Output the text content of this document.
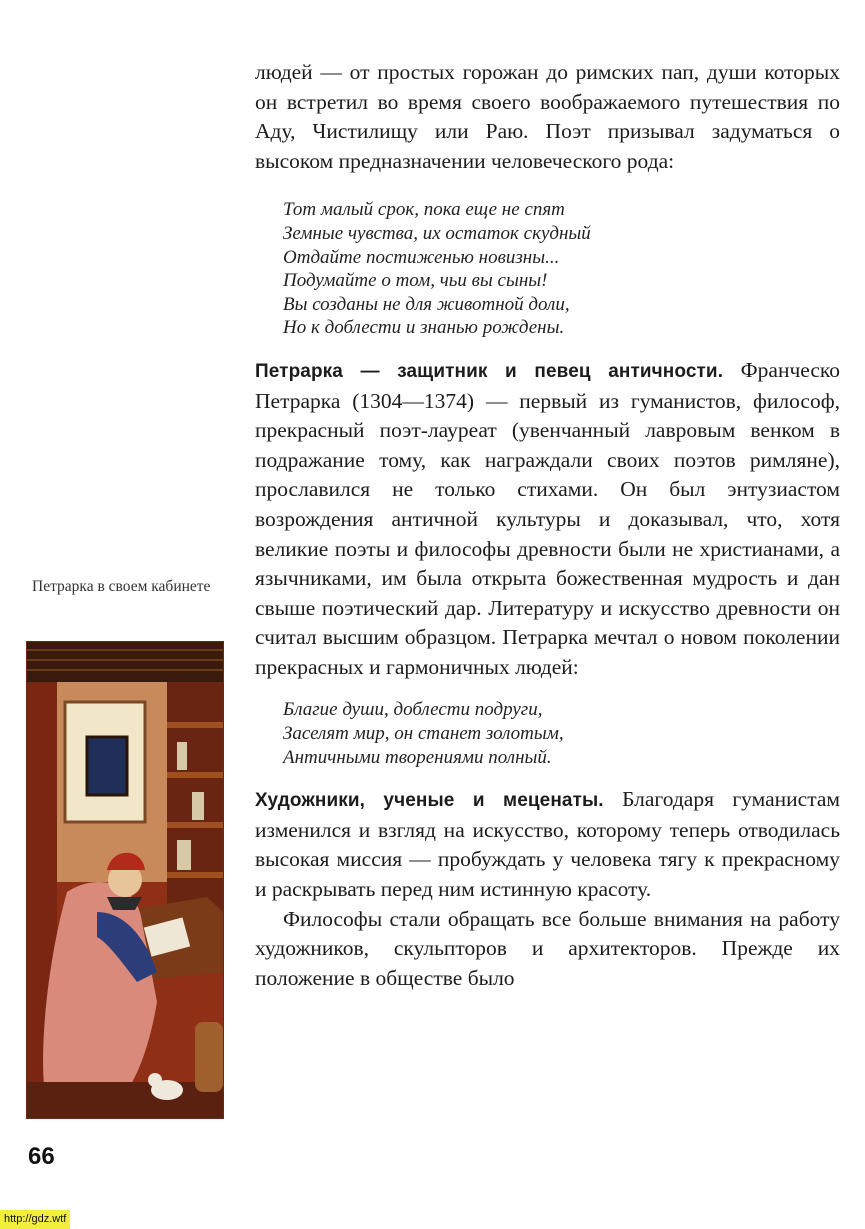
людей — от простых горожан до римских пап, души которых он встретил во время своего воображаемого путешествия по Аду, Чистилищу или Раю. Поэт призывал задуматься о высоком предназначении человеческого рода:

Тот малый срок, пока еще не спят
Земные чувства, их остаток скудный
Отдайте постиженью новизны...
Подумайте о том, чьи вы сыны!
Вы созданы не для животной доли,
Но к доблести и знанью рождены.

Петрарка — защитник и певец античности. Франческо Петрарка (1304—1374) — первый из гуманистов, философ, прекрасный поэт-лауреат (увенчанный лавровым венком в подражание тому, как награждали своих поэтов римляне), прославился не только стихами. Он был энтузиастом возрождения античной культуры и доказывал, что, хотя великие поэты и философы древности были не христианами, а язычниками, им была открыта божественная мудрость и дан свыше поэтический дар. Литературу и искусство древности он считал высшим образцом. Петрарка мечтал о новом поколении прекрасных и гармоничных людей:

Благие души, доблести подруги,
Заселят мир, он станет золотым,
Античными творениями полный.

Художники, ученые и меценаты. Благодаря гуманистам изменился и взгляд на искусство, которому теперь отводилась высокая миссия — пробуждать у человека тягу к прекрасному и раскрывать перед ним истинную красоту.

Философы стали обращать все больше внимания на работу художников, скульпторов и архитекторов. Прежде их положение в обществе было

Петрарка в своем кабинете
66
http://gdz.wtf
